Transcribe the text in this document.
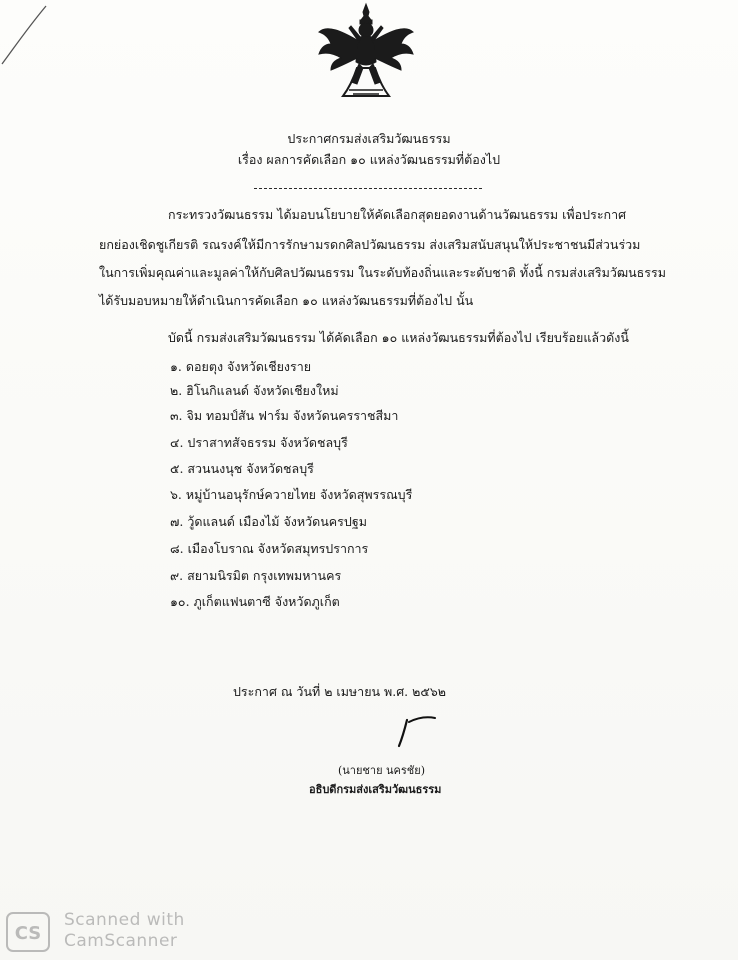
ประกาศกรมส่งเสริมวัฒนธรรม
เรื่อง ผลการคัดเลือก ๑๐ แหล่งวัฒนธรรมที่ต้องไป
กระทรวงวัฒนธรรม ได้มอบนโยบายให้คัดเลือกสุดยอดงานด้านวัฒนธรรม เพื่อประกาศ
ยกย่องเชิดชูเกียรติ รณรงค์ให้มีการรักษามรดกศิลปวัฒนธรรม ส่งเสริมสนับสนุนให้ประชาชนมีส่วนร่วม
ในการเพิ่มคุณค่าและมูลค่าให้กับศิลปวัฒนธรรม ในระดับท้องถิ่นและระดับชาติ ทั้งนี้ กรมส่งเสริมวัฒนธรรม
ได้รับมอบหมายให้ดำเนินการคัดเลือก ๑๐ แหล่งวัฒนธรรมที่ต้องไป นั้น
บัดนี้ กรมส่งเสริมวัฒนธรรม ได้คัดเลือก ๑๐ แหล่งวัฒนธรรมที่ต้องไป เรียบร้อยแล้วดังนี้
๑. ดอยตุง จังหวัดเชียงราย
๒. ฮิโนกิแลนด์ จังหวัดเชียงใหม่
๓. จิม ทอมป์สัน ฟาร์ม จังหวัดนครราชสีมา
๔. ปราสาทสัจธรรม จังหวัดชลบุรี
๕. สวนนงนุช จังหวัดชลบุรี
๖. หมู่บ้านอนุรักษ์ควายไทย จังหวัดสุพรรณบุรี
๗. วู้ดแลนด์ เมืองไม้ จังหวัดนครปฐม
๘. เมืองโบราณ จังหวัดสมุทรปราการ
๙. สยามนิรมิต กรุงเทพมหานคร
๑๐. ภูเก็ตแฟนตาซี จังหวัดภูเก็ต
ประกาศ ณ วันที่ ๒ เมษายน พ.ศ. ๒๕๖๒
(นายชาย นครชัย)
อธิบดีกรมส่งเสริมวัฒนธรรม
CS
Scanned with
CamScanner
